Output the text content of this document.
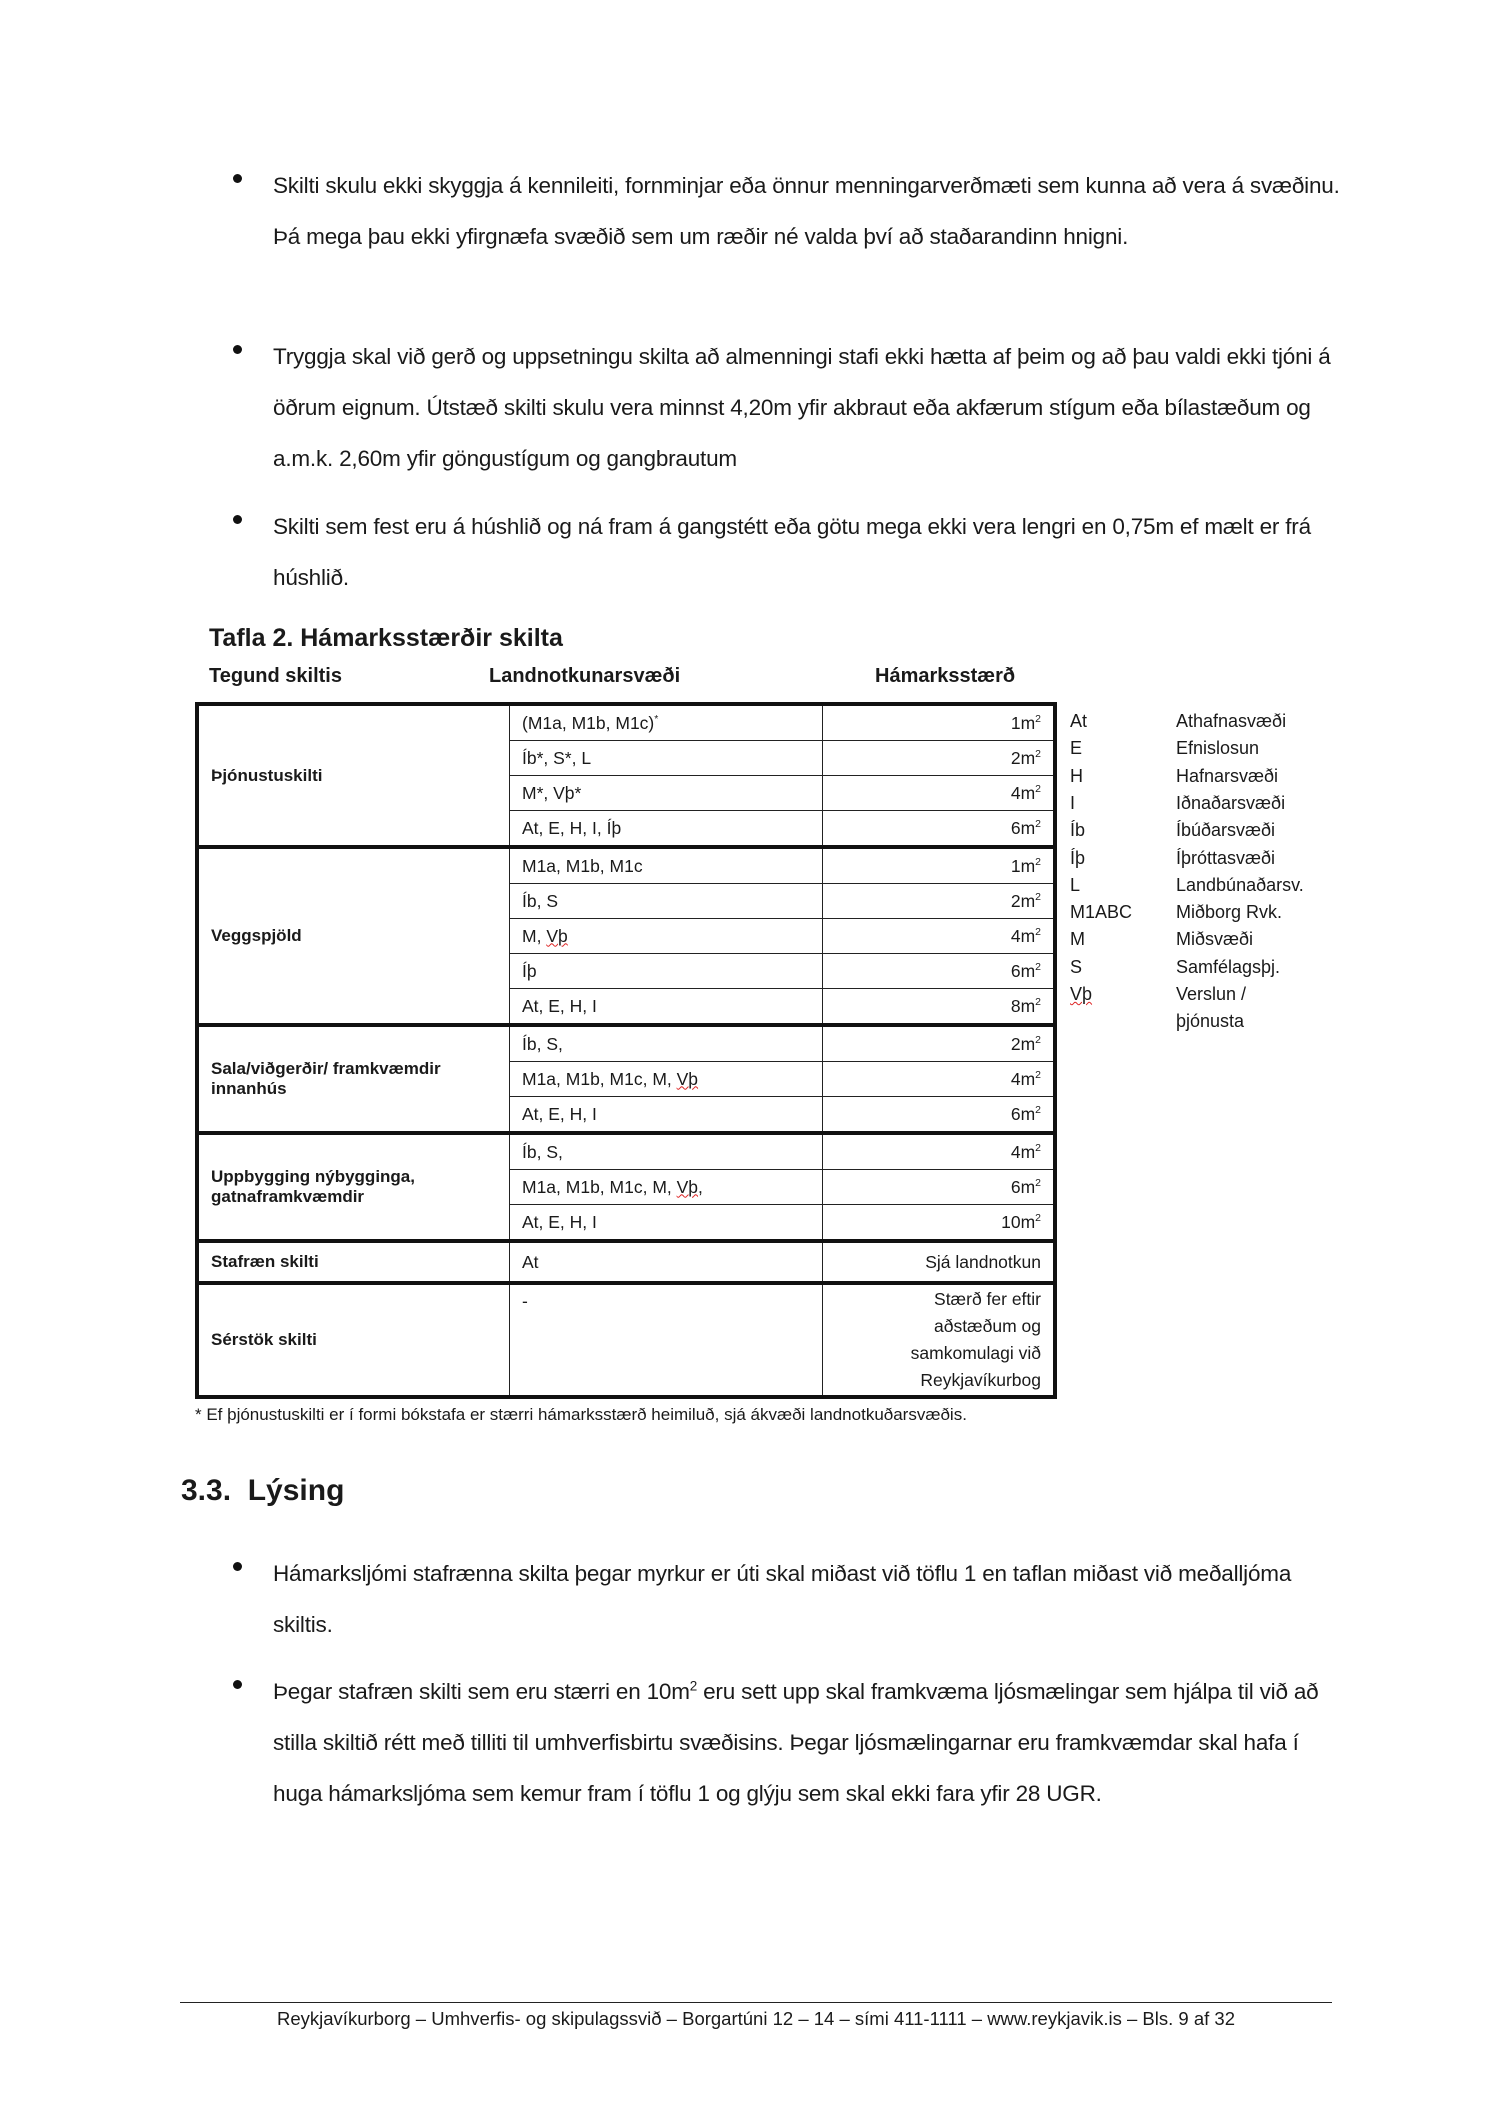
Skilti skulu ekki skyggja á kennileiti, fornminjar eða önnur menningarverðmæti sem kunna að vera á svæðinu. Þá mega þau ekki yfirgnæfa svæðið sem um ræðir né valda því að staðarandinn hnigni.
Tryggja skal við gerð og uppsetningu skilta að almenningi stafi ekki hætta af þeim og að þau valdi ekki tjóni á öðrum eignum. Útstæð skilti skulu vera minnst 4,20m yfir akbraut eða akfærum stígum eða bílastæðum og a.m.k. 2,60m yfir göngustígum og gangbrautum
Skilti sem fest eru á húshlið og ná fram á gangstétt eða götu mega ekki vera lengri en 0,75m ef mælt er frá húshlið.
Tafla 2. Hámarksstærðir skilta
Tegund skiltis	Landnotkunarsvæði	Hámarksstærð
Þjónustuskilti	(M1a, M1b, M1c)*	$1m^2$
	Íb*, S*, L	$2m^2$
	M*, Vþ*	$4m^2$
	At, E, H, I, Íþ	$6m^2$
Veggspjöld	M1a, M1b, M1c	$1m^2$
	Íb, S	$2m^2$
	M, Vþ	$4m^2$
	Íþ	$6m^2$
	At, E, H, I	$8m^2$
Sala/viðgerðir/ framkvæmdir innanhús	Íb, S,	$2m^2$
	M1a, M1b, M1c, M, Vþ	$4m^2$
	At, E, H, I	$6m^2$
Uppbygging nýbygginga, gatnaframkvæmdir	Íb, S,	$4m^2$
	M1a, M1b, M1c, M, Vþ,	$6m^2$
	At, E, H, I	$10m^2$
Stafræn skilti	At	Sjá landnotkun
Sérstök skilti	-	Stærð fer eftir aðstæðum og samkomulagi við Reykjavíkurbog
At	Athafnasvæði
E	Efnislosun
H	Hafnarsvæði
I	Iðnaðarsvæði
Íb	Íbúðarsvæði
Íþ	Íþróttasvæði
L	Landbúnaðarsv.
M1ABC Miðborg Rvk.
M	Miðsvæði
S	Samfélagsþj.
Vþ	Verslun /
þjónusta
* Ef þjónustuskilti er í formi bókstafa er stærri hámarksstærð heimiluð, sjá ákvæði landnotkuðarsvæðis.
3.3. Lýsing
Hámarksljómi stafrænna skilta þegar myrkur er úti skal miðast við töflu 1 en taflan miðast við meðalljóma skiltis.
Þegar stafræn skilti sem eru stærri en $10m^2$ eru sett upp skal framkvæma ljósmælingar sem hjálpa til við að stilla skiltið rétt með tilliti til umhverfisbirtu svæðisins. Þegar ljósmælingarnar eru framkvæmdar skal hafa í huga hámarksljóma sem kemur fram í töflu 1 og glýju sem skal ekki fara yfir 28 UGR.
Reykjavíkurborg – Umhverfis- og skipulagssvið – Borgartúni 12 – 14 – sími 411-1111 – www.reykjavik.is – Bls. 9 af 32
